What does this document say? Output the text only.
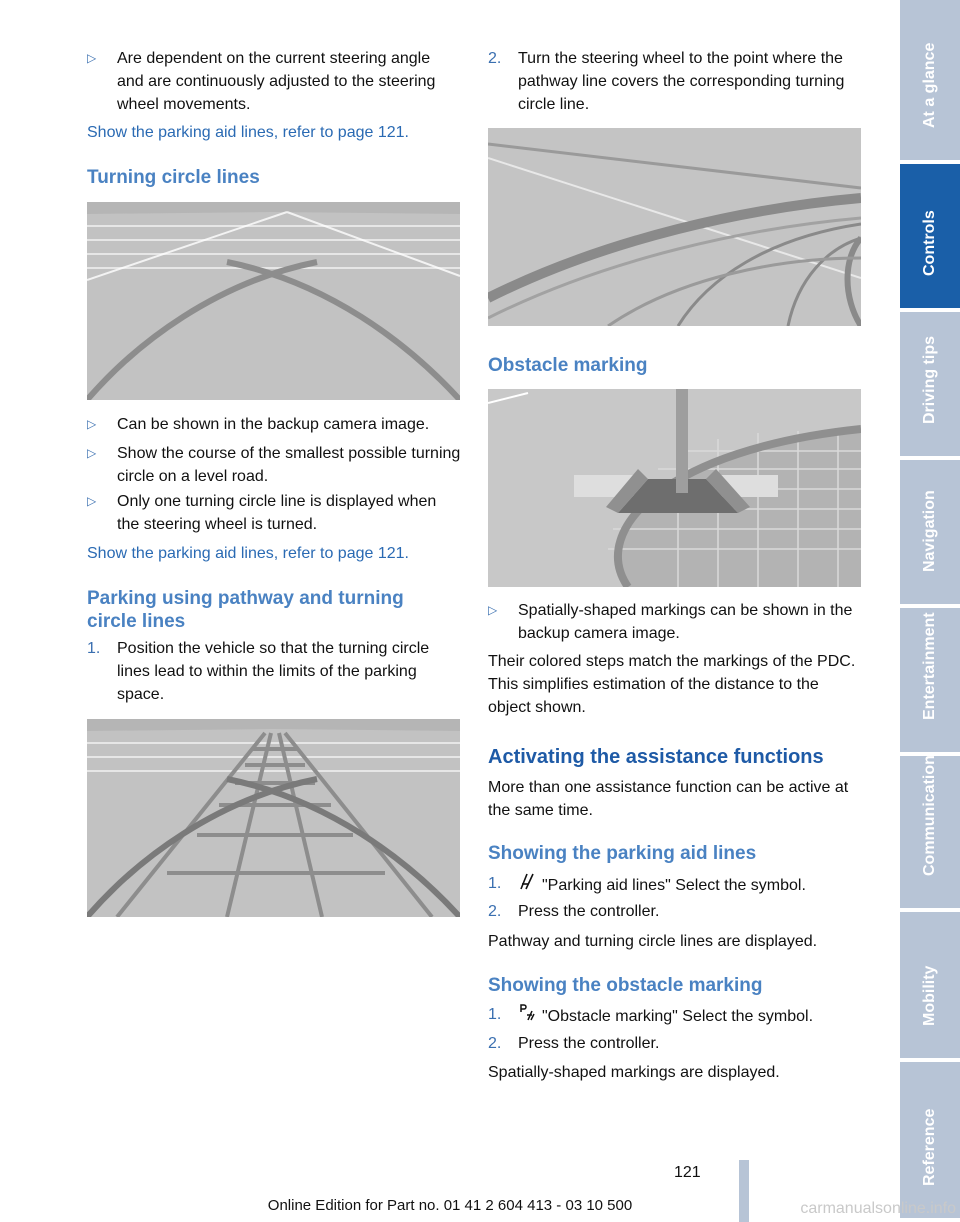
▷ Are dependent on the current steering angle and are continuously adjusted to the steering wheel movements.
Show the parking aid lines, refer to page 121.
Turning circle lines
▷ Can be shown in the backup camera image.
▷ Show the course of the smallest possible turning circle on a level road.
▷ Only one turning circle line is displayed when the steering wheel is turned.
Show the parking aid lines, refer to page 121.
Parking using pathway and turning circle lines
1. Position the vehicle so that the turning circle lines lead to within the limits of the parking space.
2. Turn the steering wheel to the point where the pathway line covers the corresponding turning circle line.
Obstacle marking
▷ Spatially-shaped markings can be shown in the backup camera image.
Their colored steps match the markings of the PDC. This simplifies estimation of the distance to the object shown.
Activating the assistance functions
More than one assistance function can be active at the same time.
Showing the parking aid lines
1.	"Parking aid lines" Select the symbol.
2. Press the controller.
Pathway and turning circle lines are displayed.
Showing the obstacle marking
1.	"Obstacle marking" Select the symbol.
2. Press the controller.
Spatially-shaped markings are displayed.
At a glance
Controls
Driving tips
Navigation
Entertainment
Communication
Mobility
Reference
121
Online Edition for Part no. 01 41 2 604 413 - 03 10 500	carmanualsonline.info
